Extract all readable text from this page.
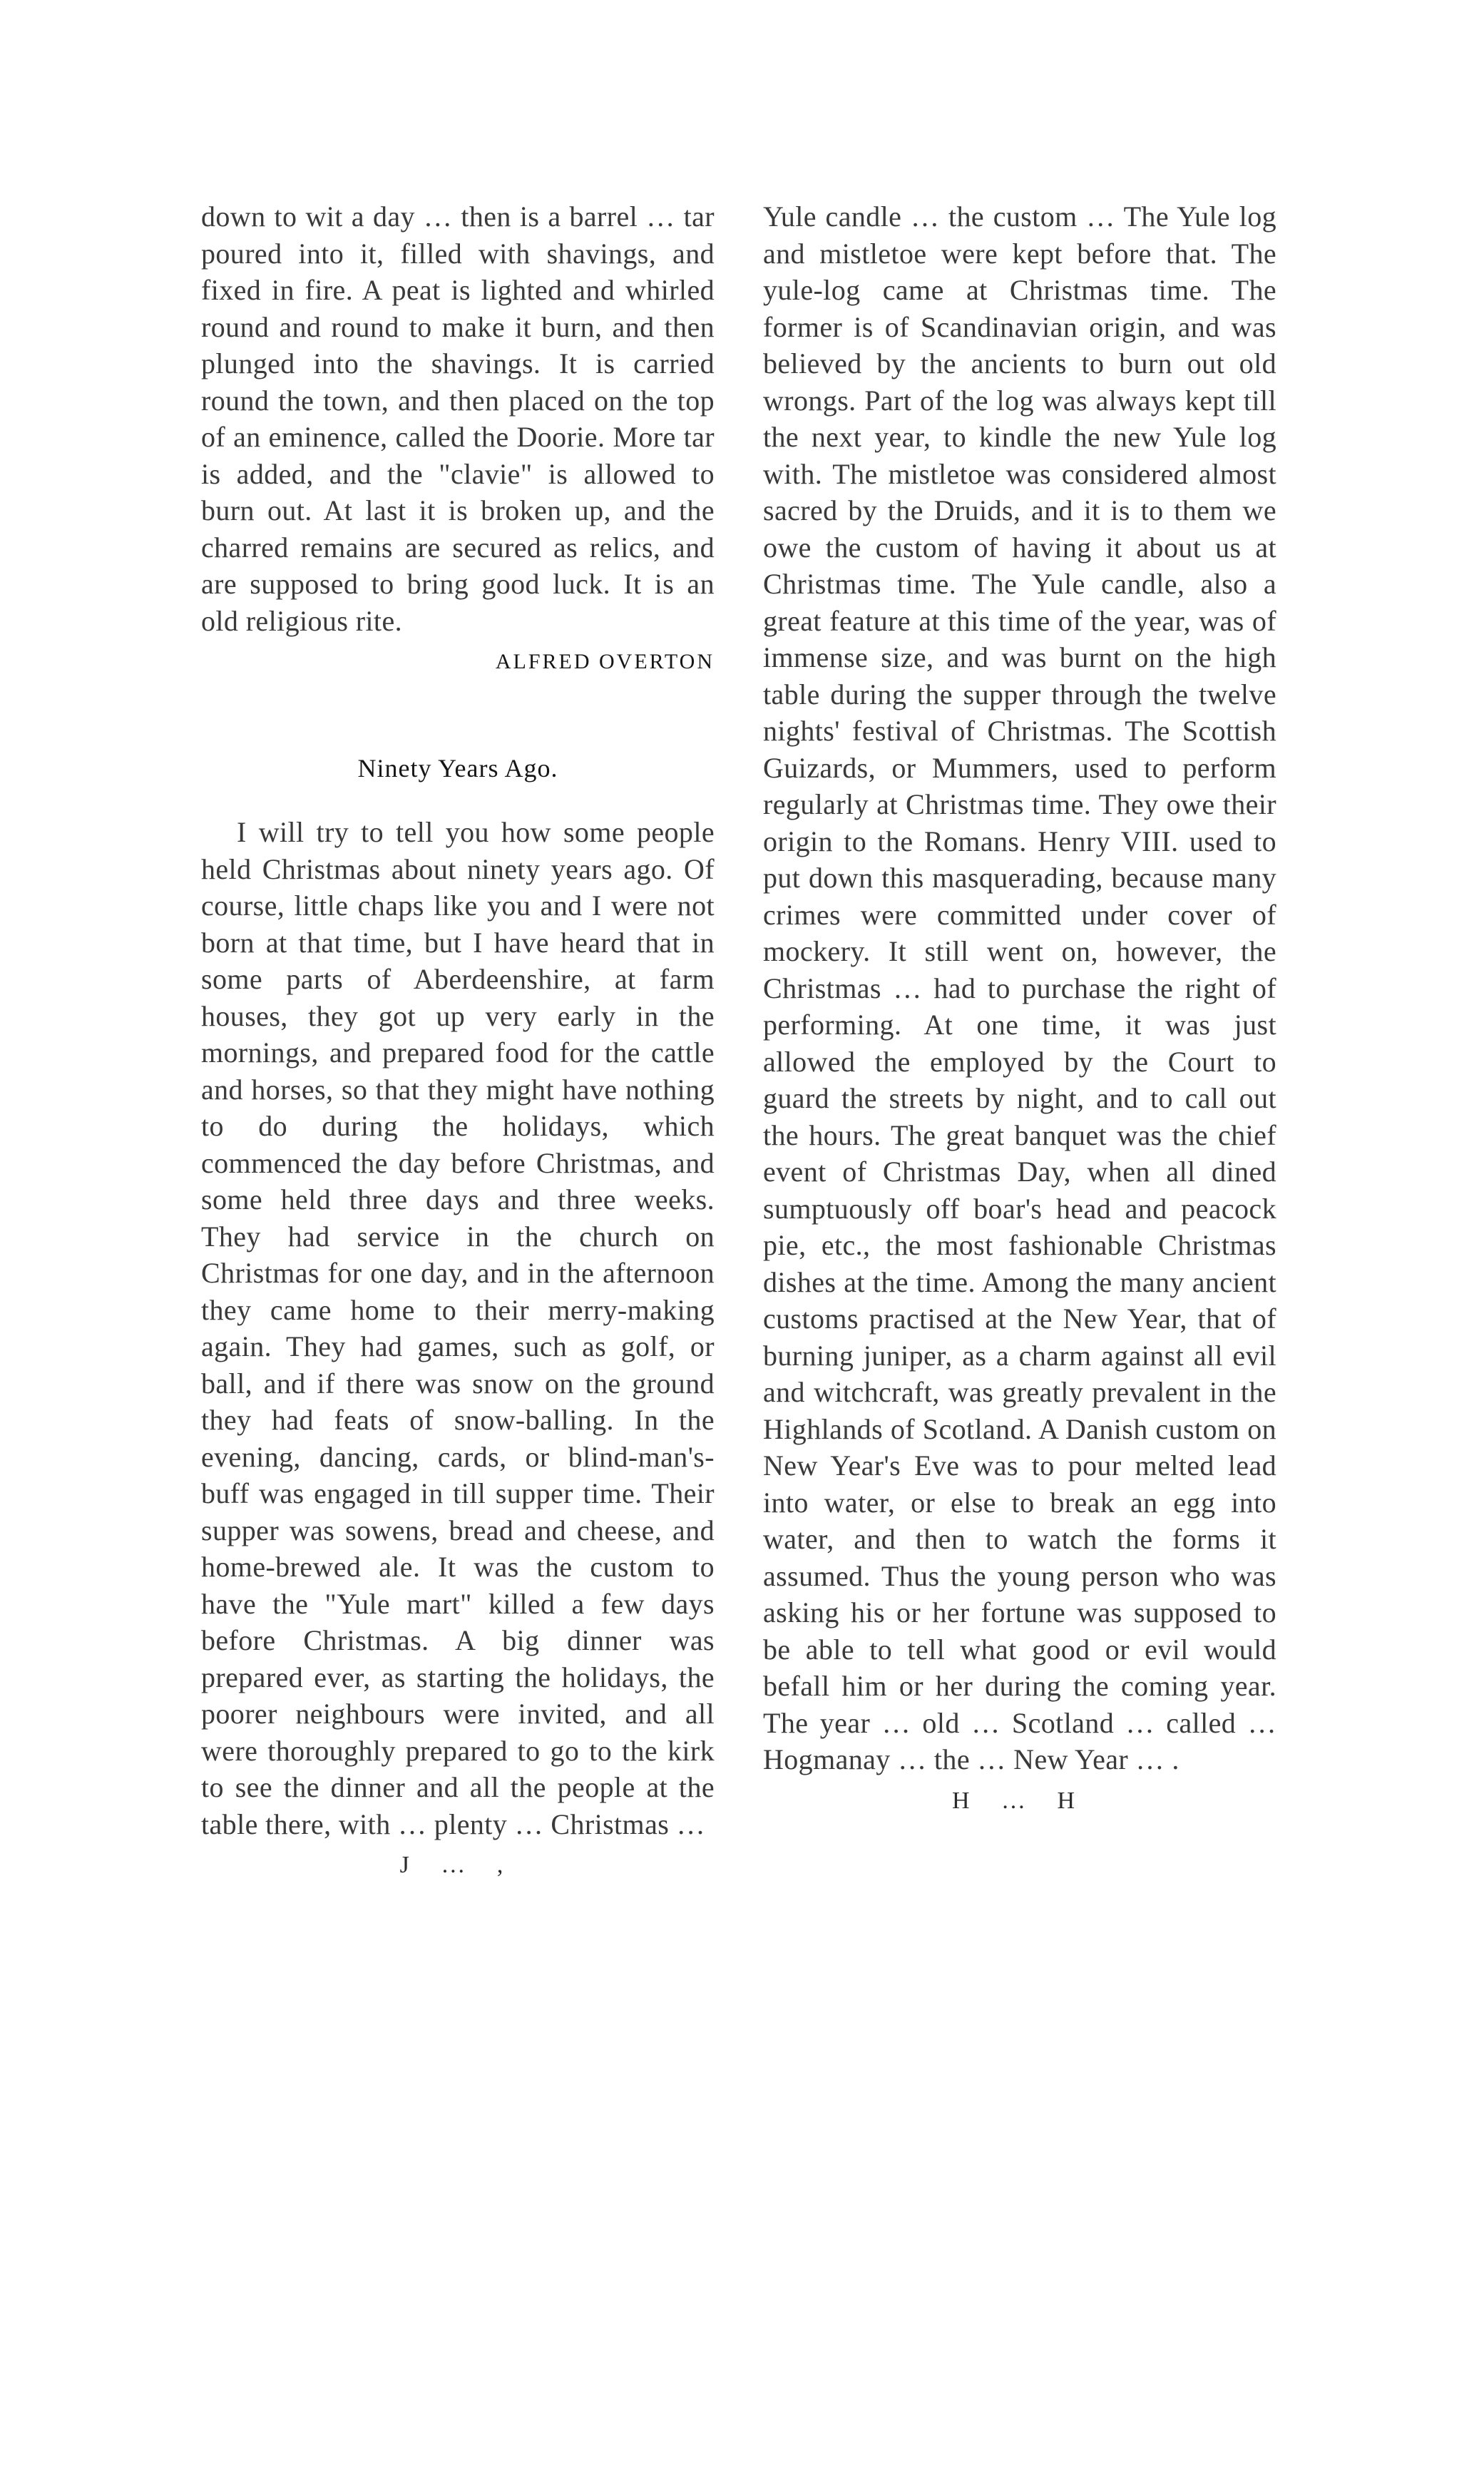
down to wit a day … then is a barrel … tar poured into it, filled with shavings, and fixed in fire. A peat is lighted and whirled round and round to make it burn, and then plunged into the shavings. It is carried round the town, and then placed on the top of an eminence, called the Doorie. More tar is added, and the "clavie" is allowed to burn out. At last it is broken up, and the charred remains are secured as relics, and are supposed to bring good luck. It is an old religious rite.

ALFRED OVERTON

Ninety Years Ago.

I will try to tell you how some people held Christmas about ninety years ago. Of course, little chaps like you and I were not born at that time, but I have heard that in some parts of Aberdeenshire, at farm houses, they got up very early in the mornings, and prepared food for the cattle and horses, so that they might have nothing to do during the holidays, which commenced the day before Christmas, and some held three days and three weeks. They had service in the church on Christmas for one day, and in the afternoon they came home to their merry-making again. They had games, such as golf, or ball, and if there was snow on the ground they had feats of snow-balling. In the evening, dancing, cards, or blind-man's-buff was engaged in till supper time. Their supper was sowens, bread and cheese, and home-brewed ale. It was the custom to have the "Yule mart" killed a few days before Christmas. A big dinner was prepared ever, as starting the holidays, the poorer neighbours were invited, and all were thoroughly prepared to go to the kirk to see the dinner and all the people at the table there, with … plenty … Christmas …

J … ,

Yule candle … the custom … The Yule log and mistletoe were kept before that. The yule-log came at Christmas time. The former is of Scandinavian origin, and was believed by the ancients to burn out old wrongs. Part of the log was always kept till the next year, to kindle the new Yule log with. The mistletoe was considered almost sacred by the Druids, and it is to them we owe the custom of having it about us at Christmas time. The Yule candle, also a great feature at this time of the year, was of immense size, and was burnt on the high table during the supper through the twelve nights' festival of Christmas. The Scottish Guizards, or Mummers, used to perform regularly at Christmas time. They owe their origin to the Romans. Henry VIII. used to put down this masquerading, because many crimes were committed under cover of mockery. It still went on, however, the Christmas … had to purchase the right of performing. At one time, it was just allowed the employed by the Court to guard the streets by night, and to call out the hours. The great banquet was the chief event of Christmas Day, when all dined sumptuously off boar's head and peacock pie, etc., the most fashionable Christmas dishes at the time. Among the many ancient customs practised at the New Year, that of burning juniper, as a charm against all evil and witchcraft, was greatly prevalent in the Highlands of Scotland. A Danish custom on New Year's Eve was to pour melted lead into water, or else to break an egg into water, and then to watch the forms it assumed. Thus the young person who was asking his or her fortune was supposed to be able to tell what good or evil would befall him or her during the coming year. The year … old … Scotland … called … Hogmanay … the … New Year … .

H … H
